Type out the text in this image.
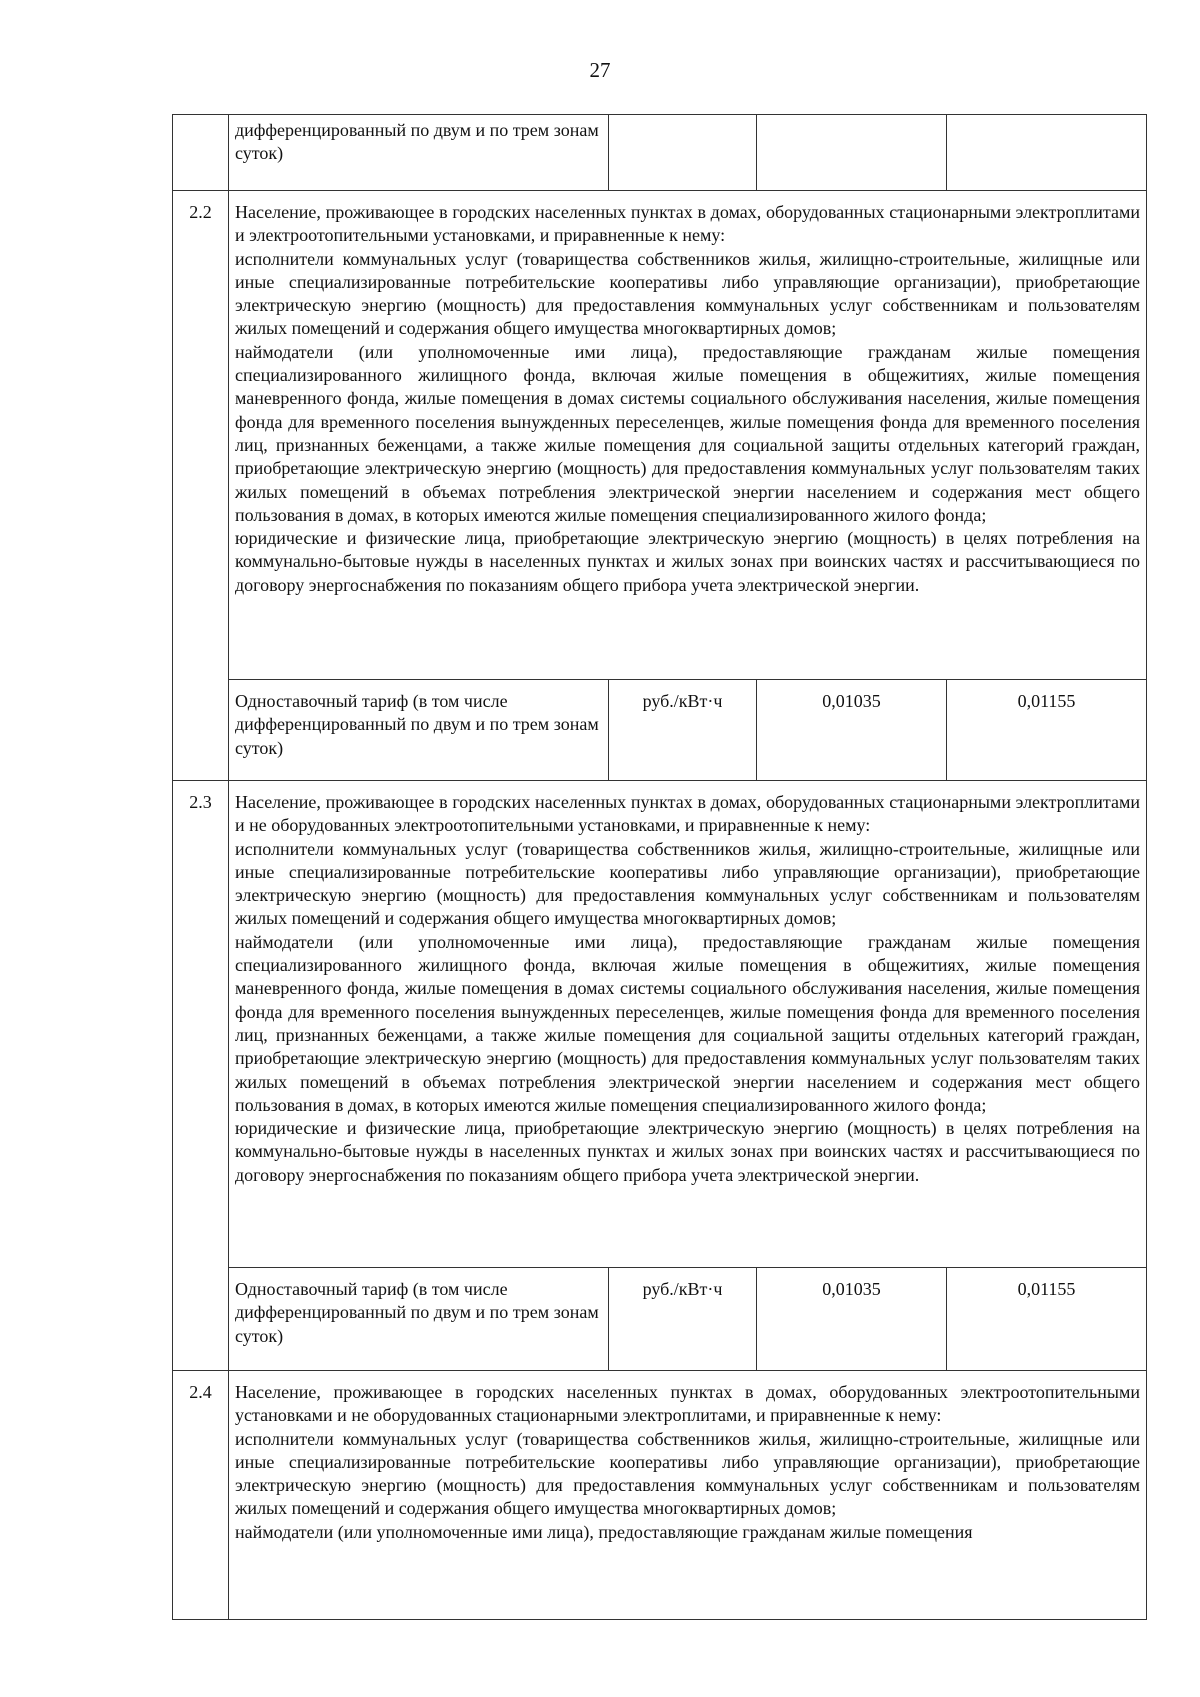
27
	дифференцированный по двум и по трем зонам суток)			
2.2	Население, проживающее в городских населенных пунктах в домах, оборудованных стационарными электроплитами и электроотопительными установками, и приравненные к нему:

исполнители коммунальных услуг (товарищества собственников жилья, жилищно-строительные, жилищные или иные специализированные потребительские кооперативы либо управляющие организации), приобретающие электрическую энергию (мощность) для предоставления коммунальных услуг собственникам и пользователям жилых помещений и содержания общего имущества многоквартирных домов;

наймодатели (или уполномоченные ими лица), предоставляющие гражданам жилые помещения специализированного жилищного фонда, включая жилые помещения в общежитиях, жилые помещения маневренного фонда, жилые помещения в домах системы социального обслуживания населения, жилые помещения фонда для временного поселения вынужденных переселенцев, жилые помещения фонда для временного поселения лиц, признанных беженцами, а также жилые помещения для социальной защиты отдельных категорий граждан, приобретающие электрическую энергию (мощность) для предоставления коммунальных услуг пользователям таких жилых помещений в объемах потребления электрической энергии населением и содержания мест общего пользования в домах, в которых имеются жилые помещения специализированного жилого фонда;

юридические и физические лица, приобретающие электрическую энергию (мощность) в целях потребления на коммунально-бытовые нужды в населенных пунктах и жилых зонах при воинских частях и рассчитывающиеся по договору энергоснабжения по показаниям общего прибора учета электрической энергии.			

	Одноставочный тариф (в том числе дифференцированный по двум и по трем зонам суток)	руб./кВт·ч	0,01035	0,01155
2.3	Население, проживающее в городских населенных пунктах в домах, оборудованных стационарными электроплитами и не оборудованных электроотопительными установками, и приравненные к нему:

исполнители коммунальных услуг (товарищества собственников жилья, жилищно-строительные, жилищные или иные специализированные потребительские кооперативы либо управляющие организации), приобретающие электрическую энергию (мощность) для предоставления коммунальных услуг собственникам и пользователям жилых помещений и содержания общего имущества многоквартирных домов;

наймодатели (или уполномоченные ими лица), предоставляющие гражданам жилые помещения специализированного жилищного фонда, включая жилые помещения в общежитиях, жилые помещения маневренного фонда, жилые помещения в домах системы социального обслуживания населения, жилые помещения фонда для временного поселения вынужденных переселенцев, жилые помещения фонда для временного поселения лиц, признанных беженцами, а также жилые помещения для социальной защиты отдельных категорий граждан, приобретающие электрическую энергию (мощность) для предоставления коммунальных услуг пользователям таких жилых помещений в объемах потребления электрической энергии населением и содержания мест общего пользования в домах, в которых имеются жилые помещения специализированного жилого фонда;

юридические и физические лица, приобретающие электрическую энергию (мощность) в целях потребления на коммунально-бытовые нужды в населенных пунктах и жилых зонах при воинских частях и рассчитывающиеся по договору энергоснабжения по показаниям общего прибора учета электрической энергии.			

	Одноставочный тариф (в том числе дифференцированный по двум и по трем зонам суток)	руб./кВт·ч	0,01035	0,01155
2.4	Население, проживающее в городских населенных пунктах в домах, оборудованных электроотопительными установками и не оборудованных стационарными электроплитами, и приравненные к нему:

исполнители коммунальных услуг (товарищества собственников жилья, жилищно-строительные, жилищные или иные специализированные потребительские кооперативы либо управляющие организации), приобретающие электрическую энергию (мощность) для предоставления коммунальных услуг собственникам и пользователям жилых помещений и содержания общего имущества многоквартирных домов;

наймодатели (или уполномоченные ими лица), предоставляющие гражданам жилые помещения			
